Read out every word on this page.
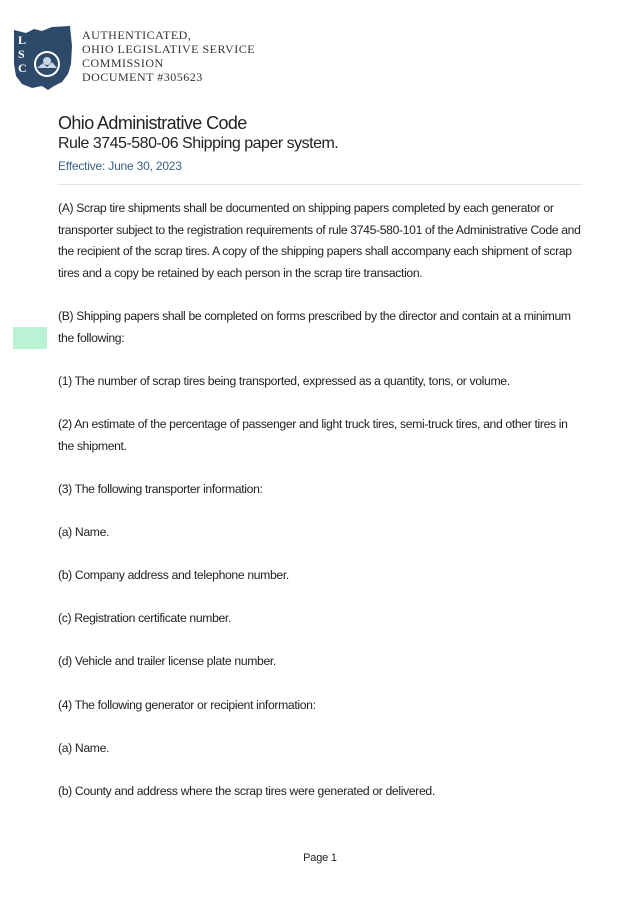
L
S
C
AUTHENTICATED,
OHIO LEGISLATIVE SERVICE
COMMISSION
DOCUMENT #305623
Ohio Administrative Code
Rule 3745-580-06 Shipping paper system.
Effective: June 30, 2023

(A) Scrap tire shipments shall be documented on shipping papers completed by each generator or transporter subject to the registration requirements of rule 3745-580-101 of the Administrative Code and the recipient of the scrap tires. A copy of the shipping papers shall accompany each shipment of scrap tires and a copy be retained by each person in the scrap tire transaction.

(B) Shipping papers shall be completed on forms prescribed by the director and contain at a minimum the following:

(1) The number of scrap tires being transported, expressed as a quantity, tons, or volume.

(2) An estimate of the percentage of passenger and light truck tires, semi-truck tires, and other tires in the shipment.

(3) The following transporter information:

(a) Name.

(b) Company address and telephone number.

(c) Registration certificate number.

(d) Vehicle and trailer license plate number.

(4) The following generator or recipient information:

(a) Name.

(b) County and address where the scrap tires were generated or delivered.

Page 1
